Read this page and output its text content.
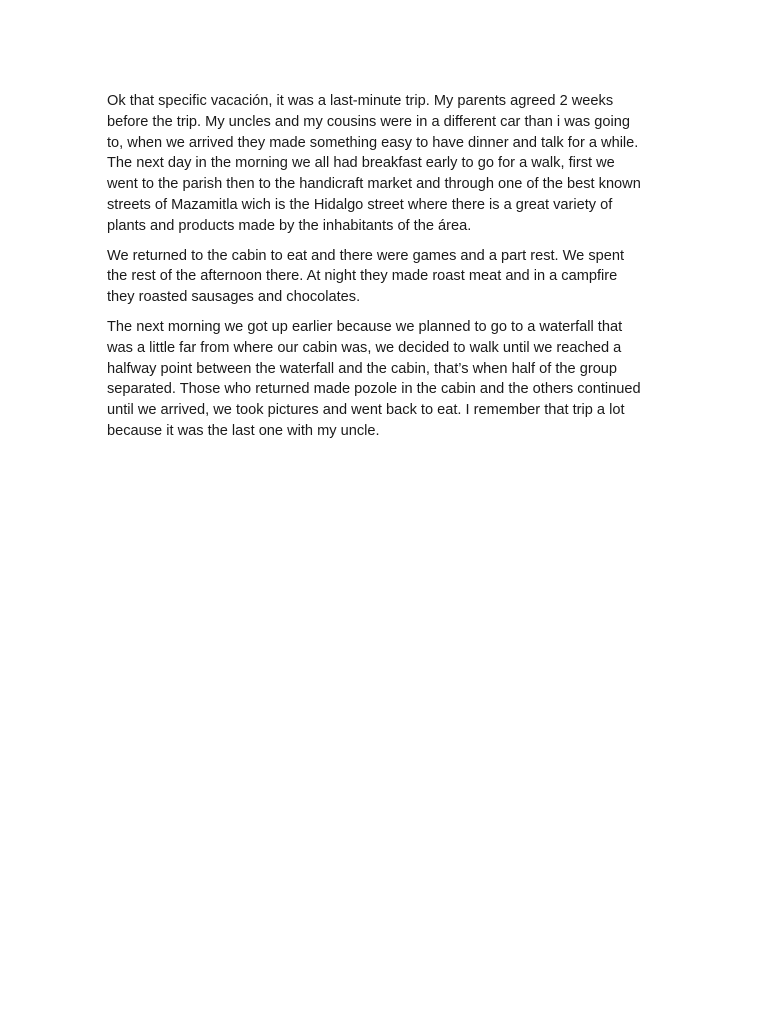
Ok that specific vacación, it was a last-minute trip. My parents agreed 2 weeks
before the trip. My uncles and my cousins were in a different car than i was going
to, when we arrived they made something easy to have dinner and talk for a while.
The next day in the morning we all had breakfast early to go for a walk, first we
went to the parish then to the handicraft market and through one of the best known
streets of Mazamitla wich is the Hidalgo street where there is a great variety of
plants and products made by the inhabitants of the área.

We returned to the cabin to eat and there were games and a part rest. We spent
the rest of the afternoon there. At night they made roast meat and in a campfire
they roasted sausages and chocolates.

The next morning we got up earlier because we planned to go to a waterfall that
was a little far from where our cabin was, we decided to walk until we reached a
halfway point between the waterfall and the cabin, that’s when half of the group
separated. Those who returned made pozole in the cabin and the others continued
until we arrived, we took pictures and went back to eat. I remember that trip a lot
because it was the last one with my uncle.
